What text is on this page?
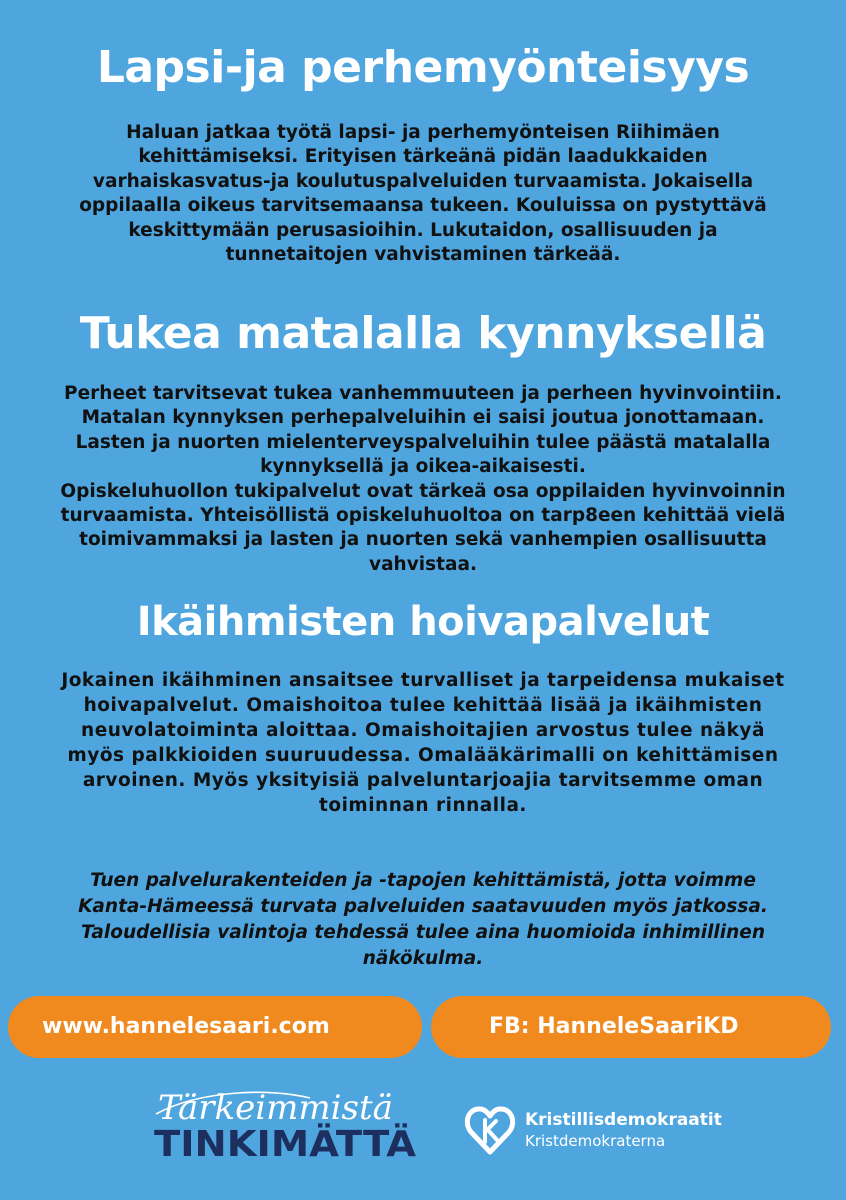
Lapsi-ja perhemyönteisyys

Haluan jatkaa työtä lapsi- ja perhemyönteisen Riihimäen
kehittämiseksi. Erityisen tärkeänä pidän laadukkaiden
varhaiskasvatus-ja koulutuspalveluiden turvaamista. Jokaisella
oppilaalla oikeus tarvitsemaansa tukeen. Kouluissa on pystyttävä
keskittymään perusasioihin. Lukutaidon, osallisuuden ja
tunnetaitojen vahvistaminen tärkeää.

Tukea matalalla kynnyksellä

Perheet tarvitsevat tukea vanhemmuuteen ja perheen hyvinvointiin.
Matalan kynnyksen perhepalveluihin ei saisi joutua jonottamaan.
Lasten ja nuorten mielenterveyspalveluihin tulee päästä matalalla
kynnyksellä ja oikea-aikaisesti.
Opiskeluhuollon tukipalvelut ovat tärkeä osa oppilaiden hyvinvoinnin
turvaamista. Yhteisöllistä opiskeluhuoltoa on tarp8een kehittää vielä
toimivammaksi ja lasten ja nuorten sekä vanhempien osallisuutta
vahvistaa.

Ikäihmisten hoivapalvelut

Jokainen ikäihminen ansaitsee turvalliset ja tarpeidensa mukaiset
hoivapalvelut. Omaishoitoa tulee kehittää lisää ja ikäihmisten
neuvolatoiminta aloittaa. Omaishoitajien arvostus tulee näkyä
myös palkkioiden suuruudessa. Omalääkärimalli on kehittämisen
arvoinen. Myös yksityisiä palveluntarjoajia tarvitsemme oman
toiminnan rinnalla.

Tuen palvelurakenteiden ja -tapojen kehittämistä, jotta voimme
Kanta-Hämeessä turvata palveluiden saatavuuden myös jatkossa.
Taloudellisia valintoja tehdessä tulee aina huomioida inhimillinen
näkökulma.

www.hannelesaari.com	FB: HanneleSaariKD
Tärkeimmistä
TINKIMÄTTÄ
Kristillisdemokraatit
Kristdemokraterna
